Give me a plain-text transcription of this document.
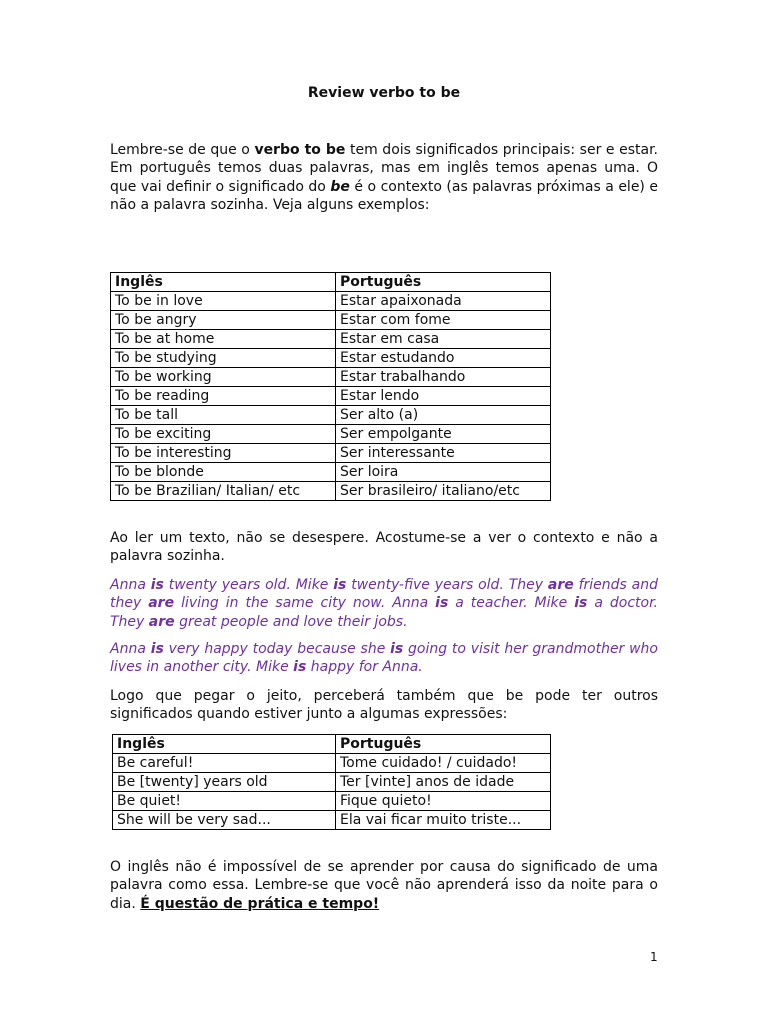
Review verbo to be

Lembre-se de que o verbo to be tem dois significados principais: ser e estar. Em português temos duas palavras, mas em inglês temos apenas uma. O que vai definir o significado do be é o contexto (as palavras próximas a ele) e não a palavra sozinha. Veja alguns exemplos:

Inglês	Português
To be in love	Estar apaixonada
To be angry	Estar com fome
To be at home	Estar em casa
To be studying	Estar estudando
To be working	Estar trabalhando
To be reading	Estar lendo
To be tall	Ser alto (a)
To be exciting	Ser empolgante
To be interesting	Ser interessante
To be blonde	Ser loira
To be Brazilian/ Italian/ etc	Ser brasileiro/ italiano/etc

Ao ler um texto, não se desespere. Acostume-se a ver o contexto e não a palavra sozinha.

Anna is twenty years old. Mike is twenty-five years old. They are friends and they are living in the same city now. Anna is a teacher. Mike is a doctor. They are great people and love their jobs.

Anna is very happy today because she is going to visit her grandmother who lives in another city. Mike is happy for Anna.

Logo que pegar o jeito, perceberá também que be pode ter outros significados quando estiver junto a algumas expressões:

Inglês	Português
Be careful!	Tome cuidado! / cuidado!
Be [twenty] years old	Ter [vinte] anos de idade
Be quiet!	Fique quieto!
She will be very sad...	Ela vai ficar muito triste...

O inglês não é impossível de se aprender por causa do significado de uma palavra como essa. Lembre-se que você não aprenderá isso da noite para o dia. É questão de prática e tempo!

1
